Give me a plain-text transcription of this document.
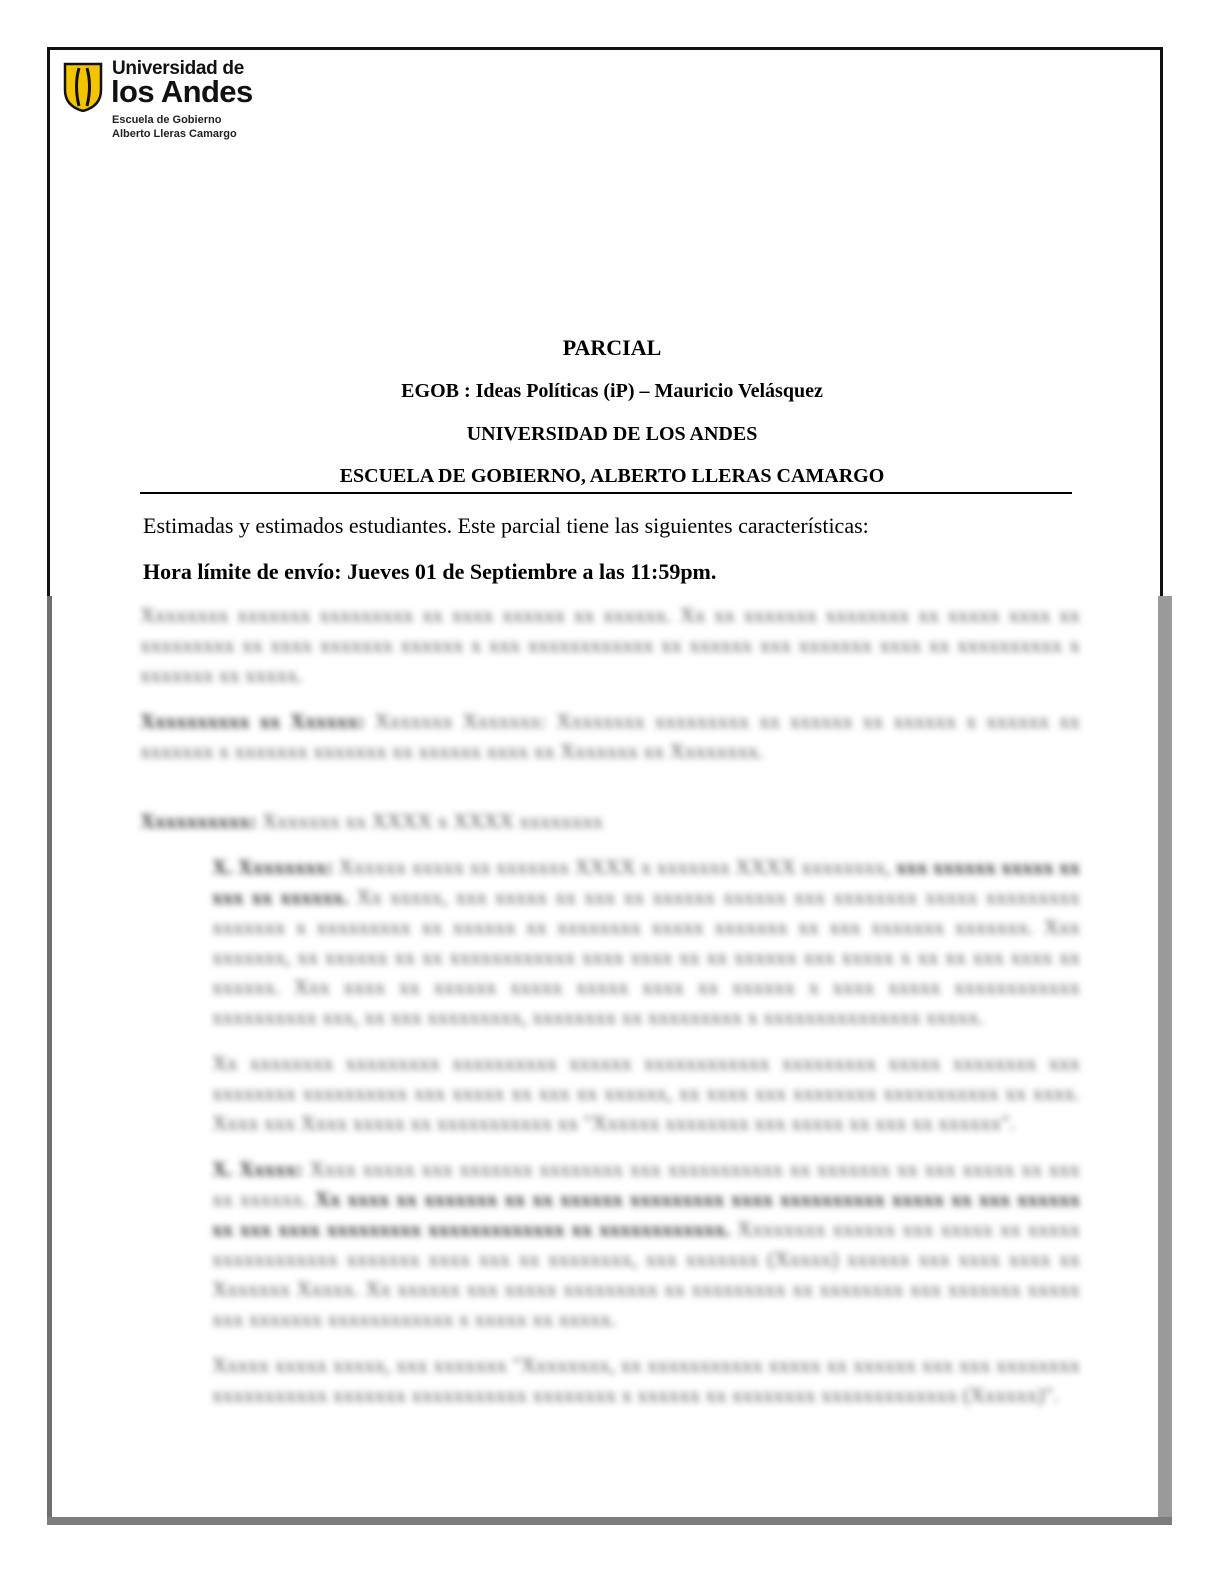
Universidad de
los Andes
Escuela de Gobierno
Alberto Lleras Camargo
PARCIAL
EGOB : Ideas Políticas (iP) – Mauricio Velásquez
UNIVERSIDAD DE LOS ANDES
ESCUELA DE GOBIERNO, ALBERTO LLERAS CAMARGO
Estimadas y estimados estudiantes. Este parcial tiene las siguientes características:
Hora límite de envío: Jueves 01 de Septiembre a las 11:59pm.

Xxxxxxxx xxxxxxx xxxxxxxxx xx xxxx xxxxxx xx xxxxxx. Xx xx xxxxxxx xxxxxxxx xx xxxxx xxxx xx xxxxxxxxx xx xxxx xxxxxxx xxxxxx x xxx xxxxxxxxxxxx xx xxxxxx xxx xxxxxxx xxxx xx xxxxxxxxxx x xxxxxxx xx xxxxx.

Xxxxxxxxxx xx Xxxxxx: Xxxxxxx Xxxxxxx: Xxxxxxxx xxxxxxxxx xx xxxxxx xx xxxxxx x xxxxxx xx xxxxxxx x xxxxxxx xxxxxxx xx xxxxxx xxxx xx Xxxxxxx xx Xxxxxxxx.

Xxxxxxxxxx: Xxxxxxx xx XXXX x XXXX xxxxxxxx

X. Xxxxxxxx: Xxxxxx xxxxx xx xxxxxxx XXXX x xxxxxxx XXXX xxxxxxxx, xxx xxxxxx xxxxx xx xxx xx xxxxxx. Xx xxxxx, xxx xxxxx xx xxx xx xxxxxx xxxxxx xxx xxxxxxxx xxxxx xxxxxxxxx xxxxxxx x xxxxxxxxx xx xxxxxx xx xxxxxxxx xxxxx xxxxxxx xx xxx xxxxxxx xxxxxxx. Xxx xxxxxxx, xx xxxxxx xx xx xxxxxxxxxxxx xxxx xxxx xx xx xxxxxx xxx xxxxx x xx xx xxx xxxx xx xxxxxx. Xxx xxxx xx xxxxxx xxxxx xxxxx xxxx xx xxxxxx x xxxx xxxxx xxxxxxxxxxxx xxxxxxxxxx xxx, xx xxx xxxxxxxxx, xxxxxxxx xx xxxxxxxxx x xxxxxxxxxxxxxxx xxxxx.

Xx xxxxxxxx xxxxxxxxx xxxxxxxxxx xxxxxx xxxxxxxxxxxx xxxxxxxxx xxxxx xxxxxxxx xxx xxxxxxxx xxxxxxxxxx xxx xxxxx xx xxx xx xxxxxx, xx xxxx xxx xxxxxxxx xxxxxxxxxxx xx xxxx. Xxxx xxx Xxxx xxxxx xx xxxxxxxxxxx xx "Xxxxxx xxxxxxxx xxx xxxxx xx xxx xx xxxxxx".

X. Xxxxx: Xxxx xxxxx xxx xxxxxxx xxxxxxxx xxx xxxxxxxxxxx xx xxxxxxx xx xxx xxxxx xx xxx xx xxxxxx. Xx xxxx xx xxxxxxx xx xx xxxxxx xxxxxxxxx xxxx xxxxxxxxxx xxxxx xx xxx xxxxxx xx xxx xxxx xxxxxxxxx xxxxxxxxxxxxx xx xxxxxxxxxxxx. Xxxxxxxx xxxxxx xxx xxxxx xx xxxxx xxxxxxxxxxxx xxxxxxx xxxx xxx xx xxxxxxxx, xxx xxxxxxx (Xxxxx) xxxxxx xxx xxxx xxxx xx Xxxxxxx Xxxxx. Xx xxxxxx xxx xxxxx xxxxxxxxx xx xxxxxxxxx xx xxxxxxxx xxx xxxxxxx xxxxx xxx xxxxxxx xxxxxxxxxxxx x xxxxx xx xxxxx.

Xxxxx xxxxx xxxxx, xxx xxxxxxx "Xxxxxxxx, xx xxxxxxxxxxx xxxxx xx xxxxxx xxx xxx xxxxxxxx xxxxxxxxxxx xxxxxxx xxxxxxxxxxx xxxxxxxx x xxxxxx xx xxxxxxxx xxxxxxxxxxxxx (Xxxxxx)".
